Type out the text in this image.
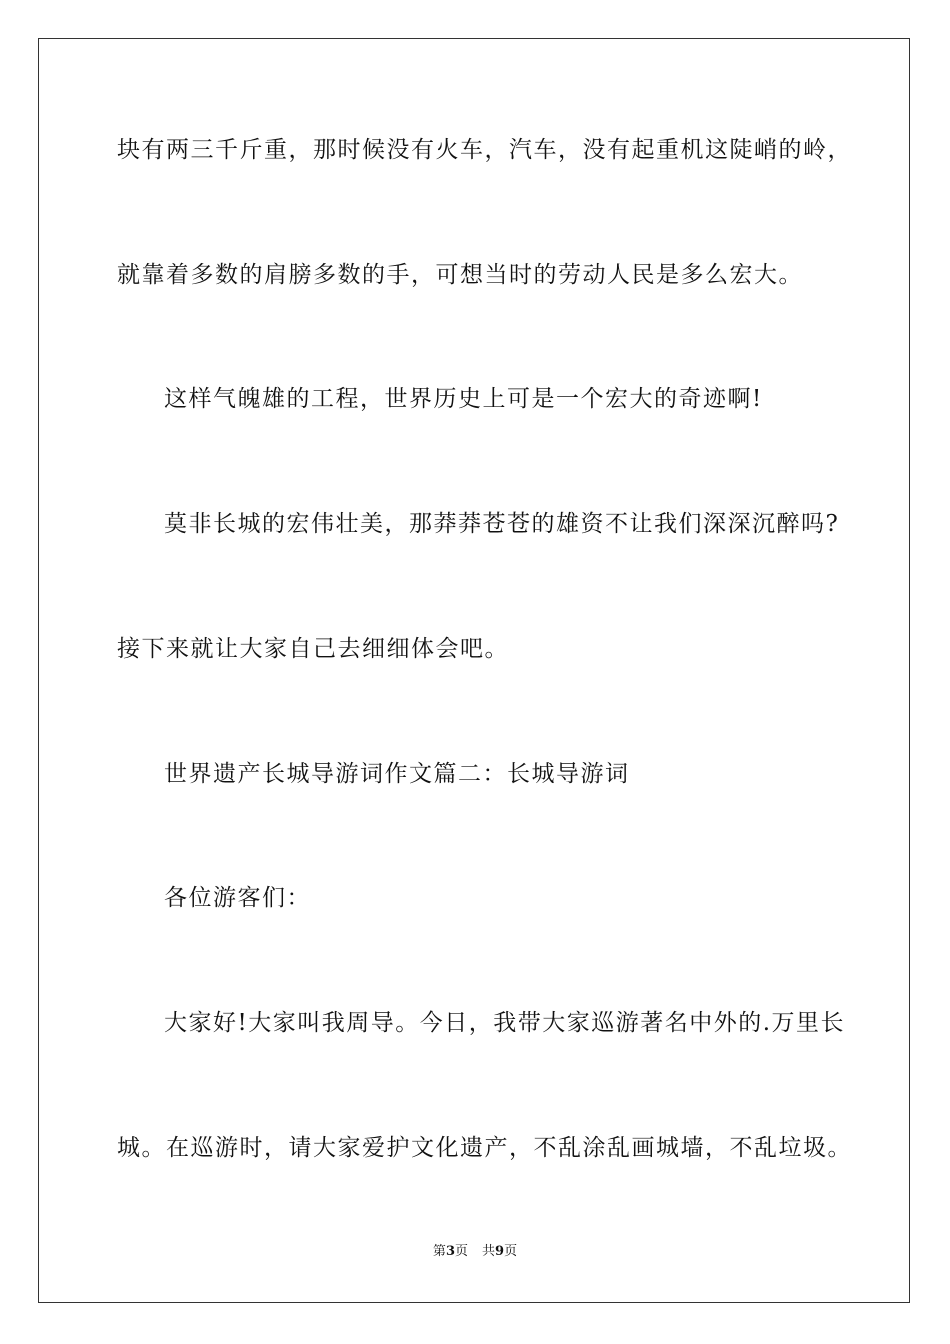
块有两三千斤重，那时候没有火车，汽车，没有起重机这陡峭的岭，
就靠着多数的肩膀多数的手，可想当时的劳动人民是多么宏大。
这样气魄雄的工程，世界历史上可是一个宏大的奇迹啊!
莫非长城的宏伟壮美，那莽莽苍苍的雄资不让我们深深沉醉吗?
接下来就让大家自己去细细体会吧。
世界遗产长城导游词作文篇二：长城导游词
各位游客们：
大家好!大家叫我周导。今日，我带大家巡游著名中外的.万里长
城。在巡游时，请大家爱护文化遗产，不乱涂乱画城墙，不乱垃圾。
第3页 共9页
